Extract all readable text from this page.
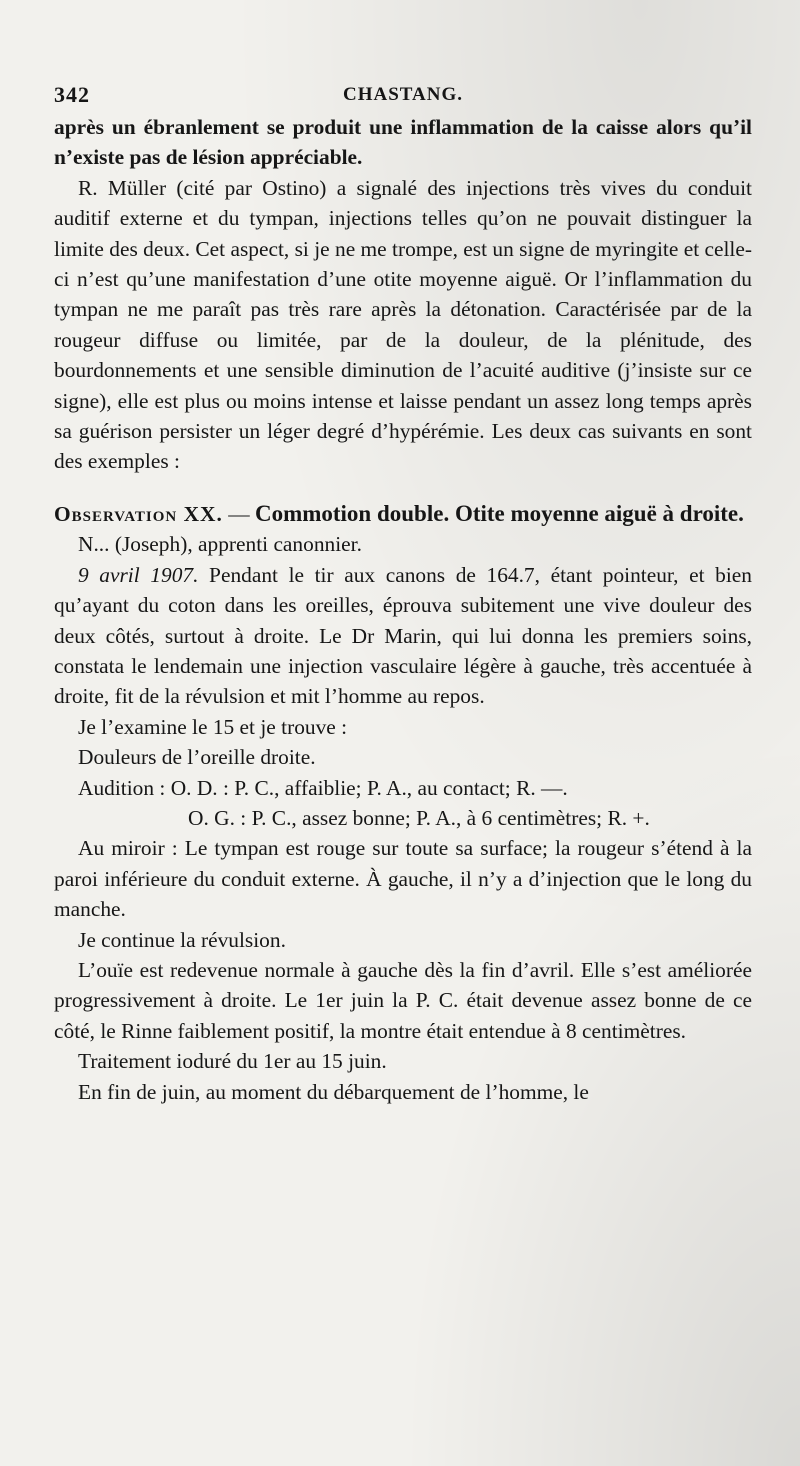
342	CHASTANG.

après un ébranlement se produit une inflammation de la caisse alors qu’il n’existe pas de lésion appréciable.

R. Müller (cité par Ostino) a signalé des injections très vives du conduit auditif externe et du tympan, injections telles qu’on ne pouvait distinguer la limite des deux. Cet aspect, si je ne me trompe, est un signe de myringite et celle-ci n’est qu’une manifestation d’une otite moyenne aiguë. Or l’inflammation du tympan ne me paraît pas très rare après la détonation. Caractérisée par de la rougeur diffuse ou limitée, par de la douleur, de la plénitude, des bourdonnements et une sensible diminution de l’acuité auditive (j’insiste sur ce signe), elle est plus ou moins intense et laisse pendant un assez long temps après sa guérison persister un léger degré d’hypérémie. Les deux cas suivants en sont des exemples :

Observation XX. — Commotion double. Otite moyenne aiguë à droite.

N... (Joseph), apprenti canonnier.

9 avril 1907. Pendant le tir aux canons de 164.7, étant pointeur, et bien qu’ayant du coton dans les oreilles, éprouva subitement une vive douleur des deux côtés, surtout à droite. Le Dr Marin, qui lui donna les premiers soins, constata le lendemain une injection vasculaire légère à gauche, très accentuée à droite, fit de la révulsion et mit l’homme au repos.

Je l’examine le 15 et je trouve :

Douleurs de l’oreille droite.

Audition : O. D. : P. C., affaiblie; P. A., au contact; R. —.

O. G. : P. C., assez bonne; P. A., à 6 centimètres; R. +.

Au miroir : Le tympan est rouge sur toute sa surface; la rougeur s’étend à la paroi inférieure du conduit externe. À gauche, il n’y a d’injection que le long du manche.

Je continue la révulsion.

L’ouïe est redevenue normale à gauche dès la fin d’avril. Elle s’est améliorée progressivement à droite. Le 1er juin la P. C. était devenue assez bonne de ce côté, le Rinne faiblement positif, la montre était entendue à 8 centimètres.

Traitement ioduré du 1er au 15 juin.

En fin de juin, au moment du débarquement de l’homme, le
